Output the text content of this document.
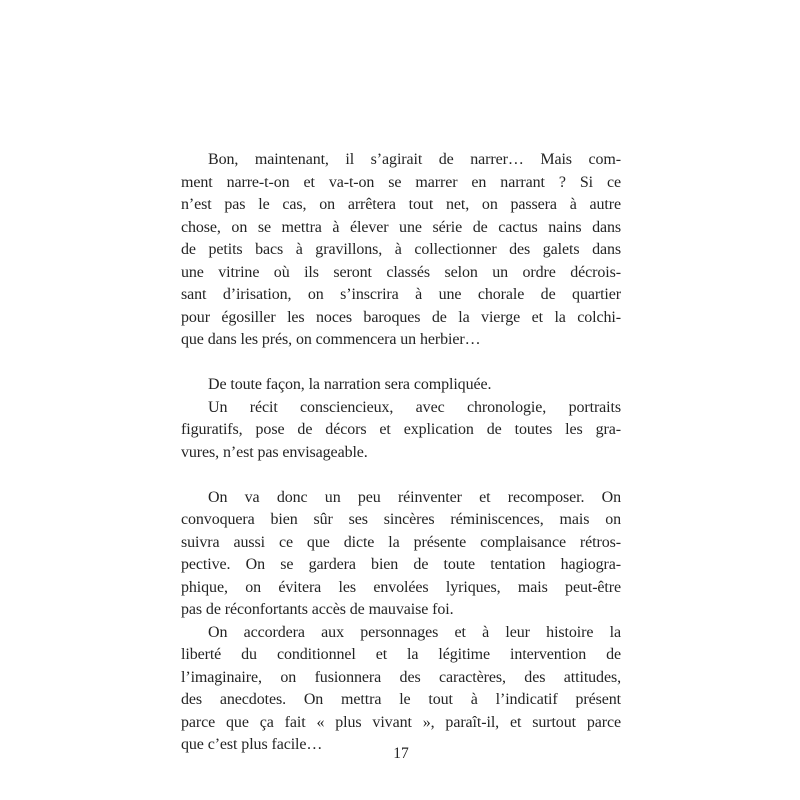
Bon, maintenant, il s’agirait de narrer… Mais com-
ment narre-t-on et va-t-on se marrer en narrant ? Si ce
n’est pas le cas, on arrêtera tout net, on passera à autre
chose, on se mettra à élever une série de cactus nains dans
de petits bacs à gravillons, à collectionner des galets dans
une vitrine où ils seront classés selon un ordre décrois-
sant d’irisation, on s’inscrira à une chorale de quartier
pour égosiller les noces baroques de la vierge et la colchi-
que dans les prés, on commencera un herbier…

De toute façon, la narration sera compliquée.

Un récit consciencieux, avec chronologie, portraits
figuratifs, pose de décors et explication de toutes les gra-
vures, n’est pas envisageable.

On va donc un peu réinventer et recomposer. On
convoquera bien sûr ses sincères réminiscences, mais on
suivra aussi ce que dicte la présente complaisance rétros-
pective. On se gardera bien de toute tentation hagiogra-
phique, on évitera les envolées lyriques, mais peut-être
pas de réconfortants accès de mauvaise foi.

On accordera aux personnages et à leur histoire la
liberté du conditionnel et la légitime intervention de
l’imaginaire, on fusionnera des caractères, des attitudes,
des anecdotes. On mettra le tout à l’indicatif présent
parce que ça fait « plus vivant », paraît-il, et surtout parce
que c’est plus facile…

17
